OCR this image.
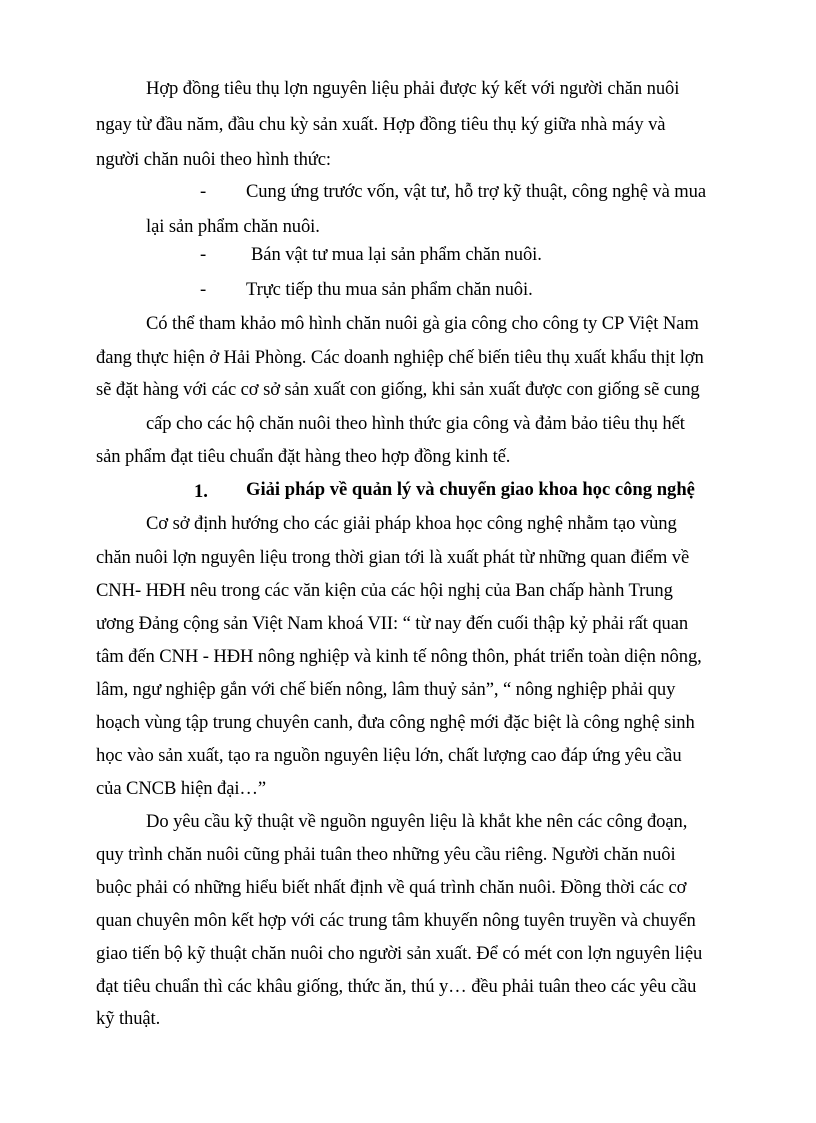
Hợp đồng tiêu thụ lợn nguyên liệu phải được ký kết với người chăn nuôi
ngay từ đầu năm, đầu chu kỳ sản xuất. Hợp đồng tiêu thụ ký giữa nhà máy và
người chăn nuôi theo hình thức:
- Cung ứng trước vốn, vật tư, hỗ trợ kỹ thuật, công nghệ và mua
lại sản phẩm chăn nuôi.
- Bán vật tư mua lại sản phẩm chăn nuôi.
- Trực tiếp thu mua sản phẩm chăn nuôi.
Có thể tham khảo mô hình chăn nuôi gà gia công cho công ty CP Việt Nam
đang thực hiện ở Hải Phòng. Các doanh nghiệp chế biến tiêu thụ xuất khẩu thịt lợn
sẽ đặt hàng với các cơ sở sản xuất con giống, khi sản xuất được con giống sẽ cung
cấp cho các hộ chăn nuôi theo hình thức gia công và đảm bảo tiêu thụ hết
sản phẩm đạt tiêu chuẩn đặt hàng theo hợp đồng kinh tế.
1. Giải pháp về quản lý và chuyển giao khoa học công nghệ
Cơ sở định hướng cho các giải pháp khoa học công nghệ nhằm tạo vùng
chăn nuôi lợn nguyên liệu trong thời gian tới là xuất phát từ những quan điểm về
CNH- HĐH nêu trong các văn kiện của các hội nghị của Ban chấp hành Trung
ương Đảng cộng sản Việt Nam khoá VII: “ từ nay đến cuối thập kỷ phải rất quan
tâm đến CNH - HĐH nông nghiệp và kinh tế nông thôn, phát triển toàn diện nông,
lâm, ngư nghiệp gắn với chế biến nông, lâm thuỷ sản”, “ nông nghiệp phải quy
hoạch vùng tập trung chuyên canh, đưa công nghệ mới đặc biệt là công nghệ sinh
học vào sản xuất, tạo ra nguồn nguyên liệu lớn, chất lượng cao đáp ứng yêu cầu
của CNCB hiện đại…”
Do yêu cầu kỹ thuật về nguồn nguyên liệu là khắt khe nên các công đoạn,
quy trình chăn nuôi cũng phải tuân theo những yêu cầu riêng. Người chăn nuôi
buộc phải có những hiểu biết nhất định về quá trình chăn nuôi. Đồng thời các cơ
quan chuyên môn kết hợp với các trung tâm khuyến nông tuyên truyền và chuyển
giao tiến bộ kỹ thuật chăn nuôi cho người sản xuất. Để có mét con lợn nguyên liệu
đạt tiêu chuẩn thì các khâu giống, thức ăn, thú y… đều phải tuân theo các yêu cầu
kỹ thuật.
